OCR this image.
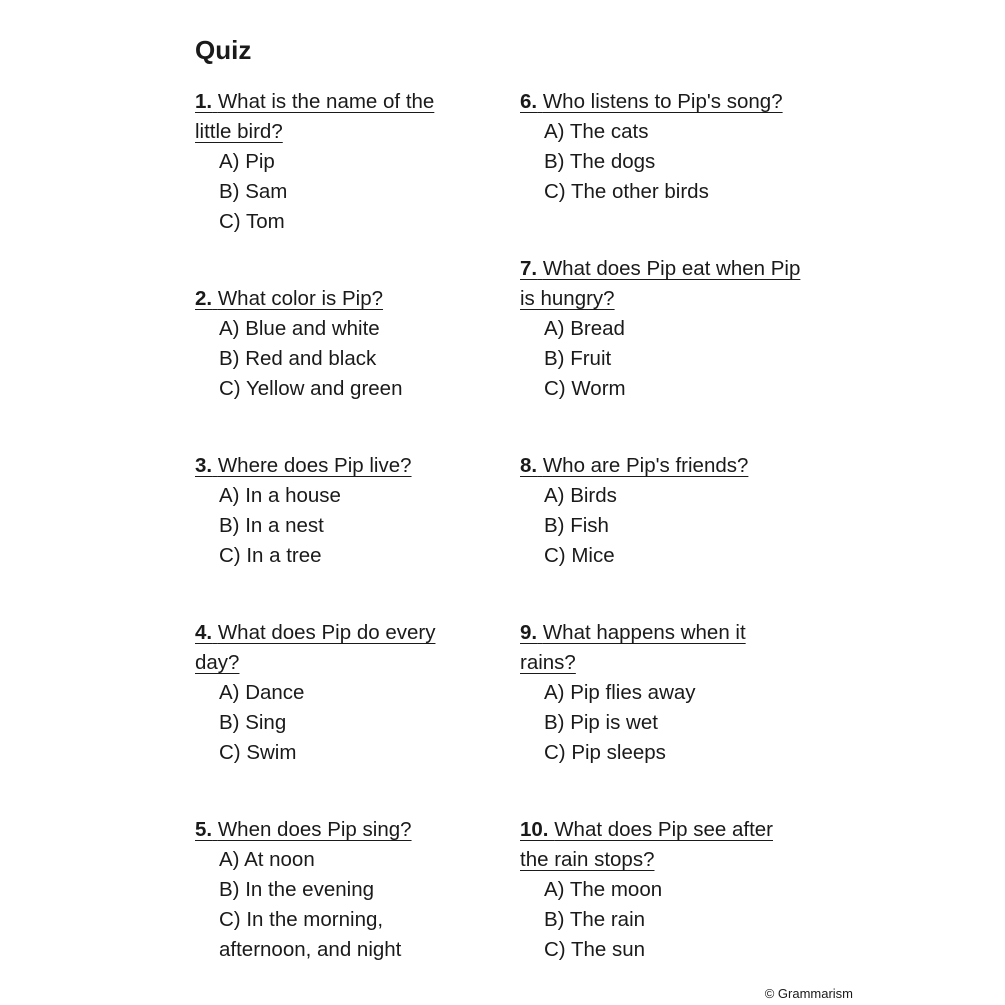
Quiz
1. What is the name of the
little bird?
A) Pip
B) Sam
C) Tom
2. What color is Pip?
A) Blue and white
B) Red and black
C) Yellow and green
3. Where does Pip live?
A) In a house
B) In a nest
C) In a tree
4. What does Pip do every
day?
A) Dance
B) Sing
C) Swim
5. When does Pip sing?
A) At noon
B) In the evening
C) In the morning,
afternoon, and night
6. Who listens to Pip's song?
A) The cats
B) The dogs
C) The other birds
7. What does Pip eat when Pip
is hungry?
A) Bread
B) Fruit
C) Worm
8. Who are Pip's friends?
A) Birds
B) Fish
C) Mice
9. What happens when it
rains?
A) Pip flies away
B) Pip is wet
C) Pip sleeps
10. What does Pip see after
the rain stops?
A) The moon
B) The rain
C) The sun
© Grammarism
